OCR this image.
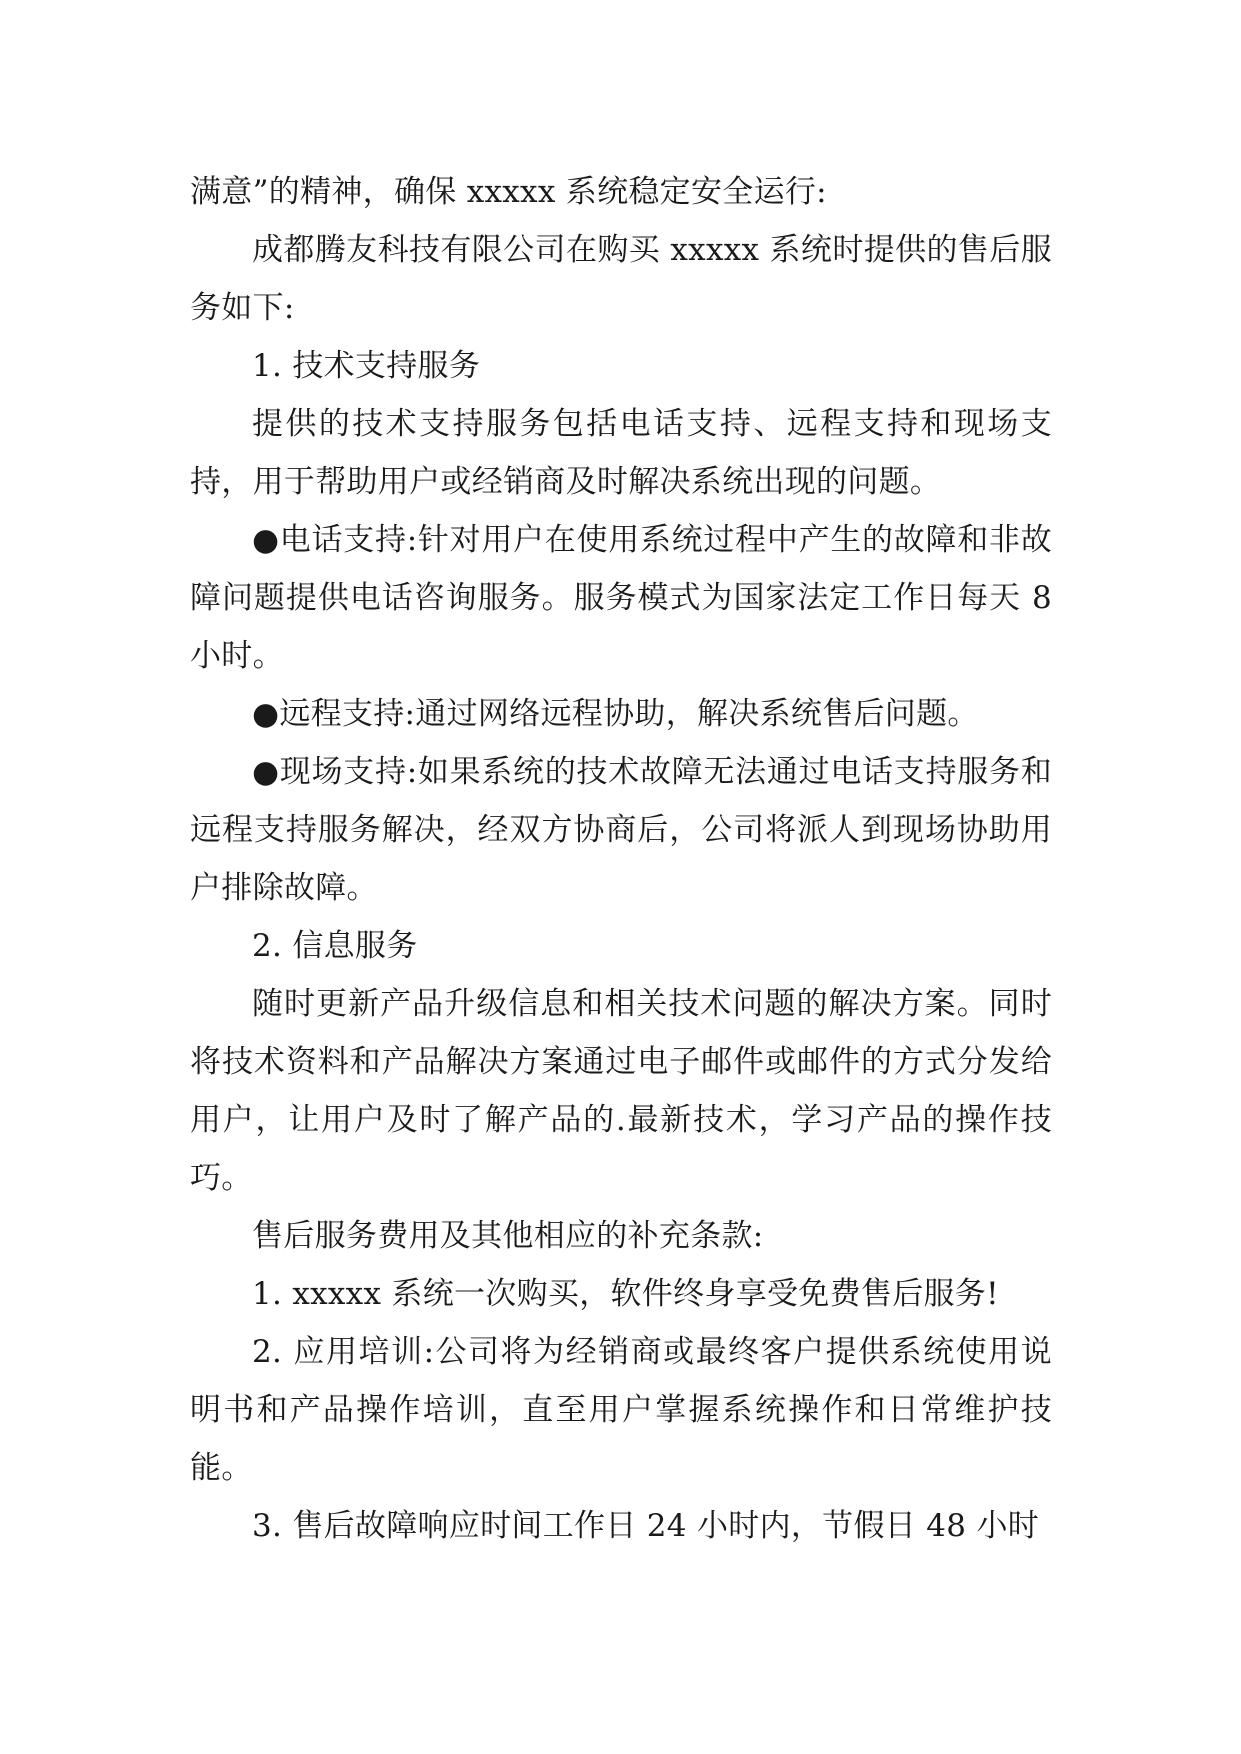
满意”的精神，确保 xxxxx 系统稳定安全运行:

成都腾友科技有限公司在购买 xxxxx 系统时提供的售后服务如下:

1. 技术支持服务

提供的技术支持服务包括电话支持、远程支持和现场支持，用于帮助用户或经销商及时解决系统出现的问题。

●电话支持:针对用户在使用系统过程中产生的故障和非故障问题提供电话咨询服务。服务模式为国家法定工作日每天 8 小时。

●远程支持:通过网络远程协助，解决系统售后问题。

●现场支持:如果系统的技术故障无法通过电话支持服务和远程支持服务解决，经双方协商后，公司将派人到现场协助用户排除故障。

2. 信息服务

随时更新产品升级信息和相关技术问题的解决方案。同时将技术资料和产品解决方案通过电子邮件或邮件的方式分发给用户，让用户及时了解产品的.最新技术，学习产品的操作技巧。

售后服务费用及其他相应的补充条款:

1. xxxxx 系统一次购买，软件终身享受免费售后服务!

2. 应用培训:公司将为经销商或最终客户提供系统使用说明书和产品操作培训，直至用户掌握系统操作和日常维护技能。

3. 售后故障响应时间工作日 24 小时内，节假日 48 小时
